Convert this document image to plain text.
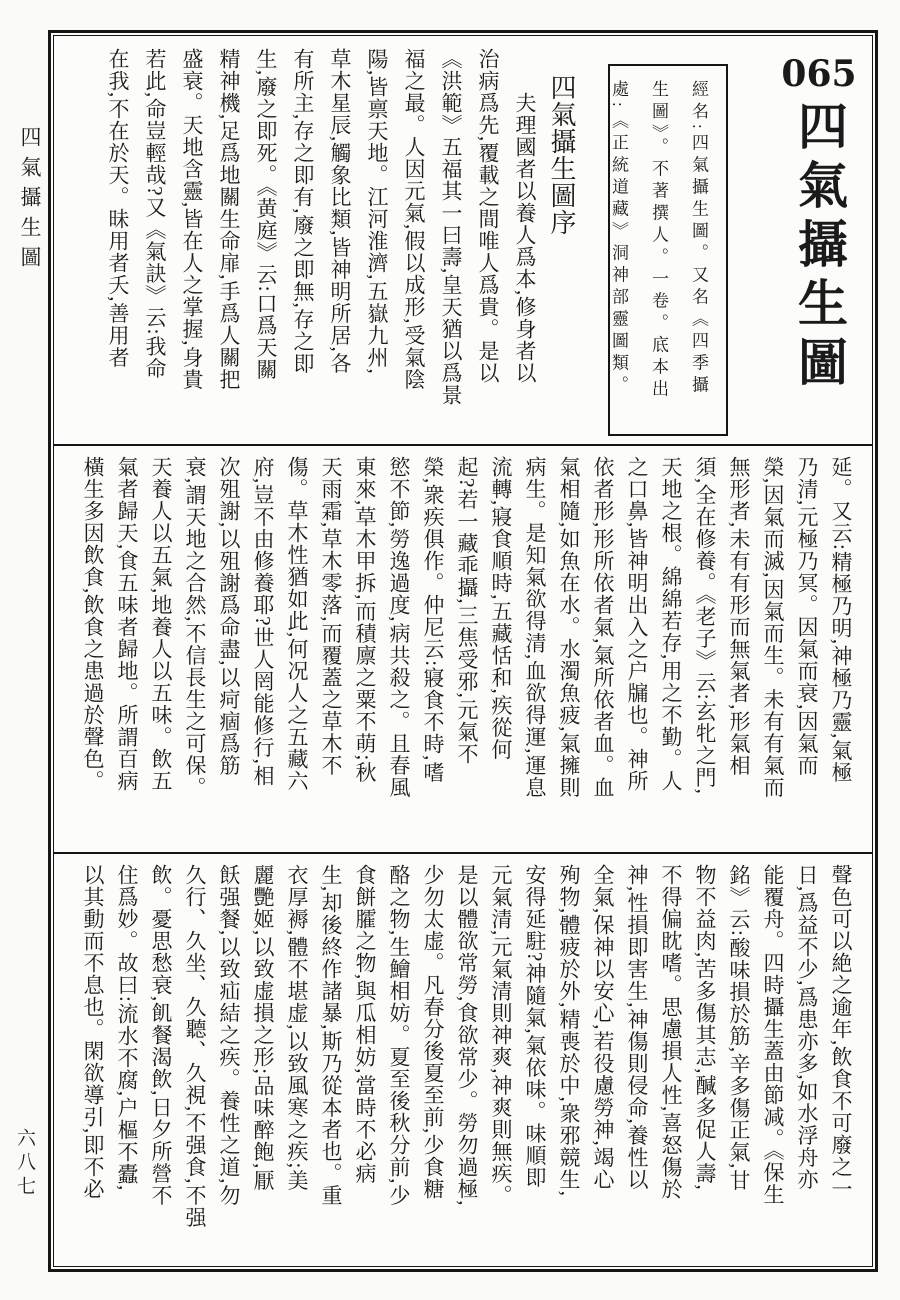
四氣攝生圖
六八七
065
四氣攝生圖
經名:四氣攝生圖。又名《四季攝
生圖》。不著撰人。一卷。底本出
處:《正統道藏》洞神部靈圖類。
四氣攝生圖序
夫理國者以養人爲本,修身者以
治病爲先,覆載之間唯人爲貴。是以
《洪範》五福其一曰壽,皇天猶以爲景
福之最。人因元氣,假以成形,受氣陰
陽,皆禀天地。江河淮濟,五嶽九州,
草木星辰,觸象比類,皆神明所居,各
有所主,存之即有,廢之即無,存之即
生,廢之即死。《黄庭》云:口爲天關
精神機,足爲地關生命扉,手爲人關把
盛衰。天地含靈,皆在人之掌握,身貴
若此,命豈輕哉?又《氣訣》云:我命
在我,不在於天。昧用者夭,善用者
延。又云:精極乃明,神極乃靈,氣極
乃清,元極乃冥。因氣而衰,因氣而
榮,因氣而滅,因氣而生。未有有氣而
無形者,未有有形而無氣者,形氣相
須,全在修養。《老子》云:玄牝之門,
天地之根。綿綿若存,用之不勤。人
之口鼻,皆神明出入之户牖也。神所
依者形,形所依者氣,氣所依者血。血
氣相隨,如魚在水。水濁魚疲,氣擁則
病生。是知氣欲得清,血欲得運,運息
流轉,寢食順時,五藏恬和,疾從何
起?若一藏乖攝,三焦受邪,元氣不
榮,衆疾俱作。仲尼云:寢食不時,嗜
慾不節,勞逸過度,病共殺之。且春風
東來,草木甲拆,而積廪之粟不萌;秋
天雨霜,草木零落,而覆蓋之草木不
傷。草木性猶如此,何况人之五藏六
府,豈不由修養耶?世人罔能修行,相
次殂謝,以殂謝爲命盡,以疴痼爲筋
衰,謂天地之合然,不信長生之可保。
天養人以五氣,地養人以五味。飲五
氣者歸天,食五味者歸地。所謂百病
橫生多因飲食,飲食之患過於聲色。
聲色可以絶之逾年,飲食不可廢之一
日,爲益不少,爲患亦多,如水浮舟亦
能覆舟。四時攝生蓋由節减。《保生
銘》云:酸味損於筋,辛多傷正氣,甘
物不益肉,苦多傷其志,醎多促人壽,
不得偏眈嗜。思慮損人性,喜怒傷於
神,性損即害生,神傷則侵命,養性以
全氣,保神以安心,若役慮勞神,竭心
殉物,體疲於外,精喪於中,衆邪競生,
安得延駐?神隨氣,氣依味。味順即
元氣清,元氣清則神爽,神爽則無疾。
是以體欲常勞,食欲常少。勞勿過極,
少勿太虚。凡春分後夏至前,少食糖
酪之物,生鱠相妨。夏至後秋分前,少
食餅臛之物,與瓜相妨,當時不必病
生,却後終作諸暴,斯乃從本者也。重
衣厚褥,體不堪虚,以致風寒之疾;美
麗艷姬,以致虚損之形;品味醉飽,厭
飫强餐,以致疝結之疾。養性之道,勿
久行、久坐、久聽、久視,不强食,不强
飲。憂思愁衰,飢餐渴飲,日夕所營不
住爲妙。故曰:流水不腐,户樞不蠹,
以其動而不息也。閑欲導引,即不必
